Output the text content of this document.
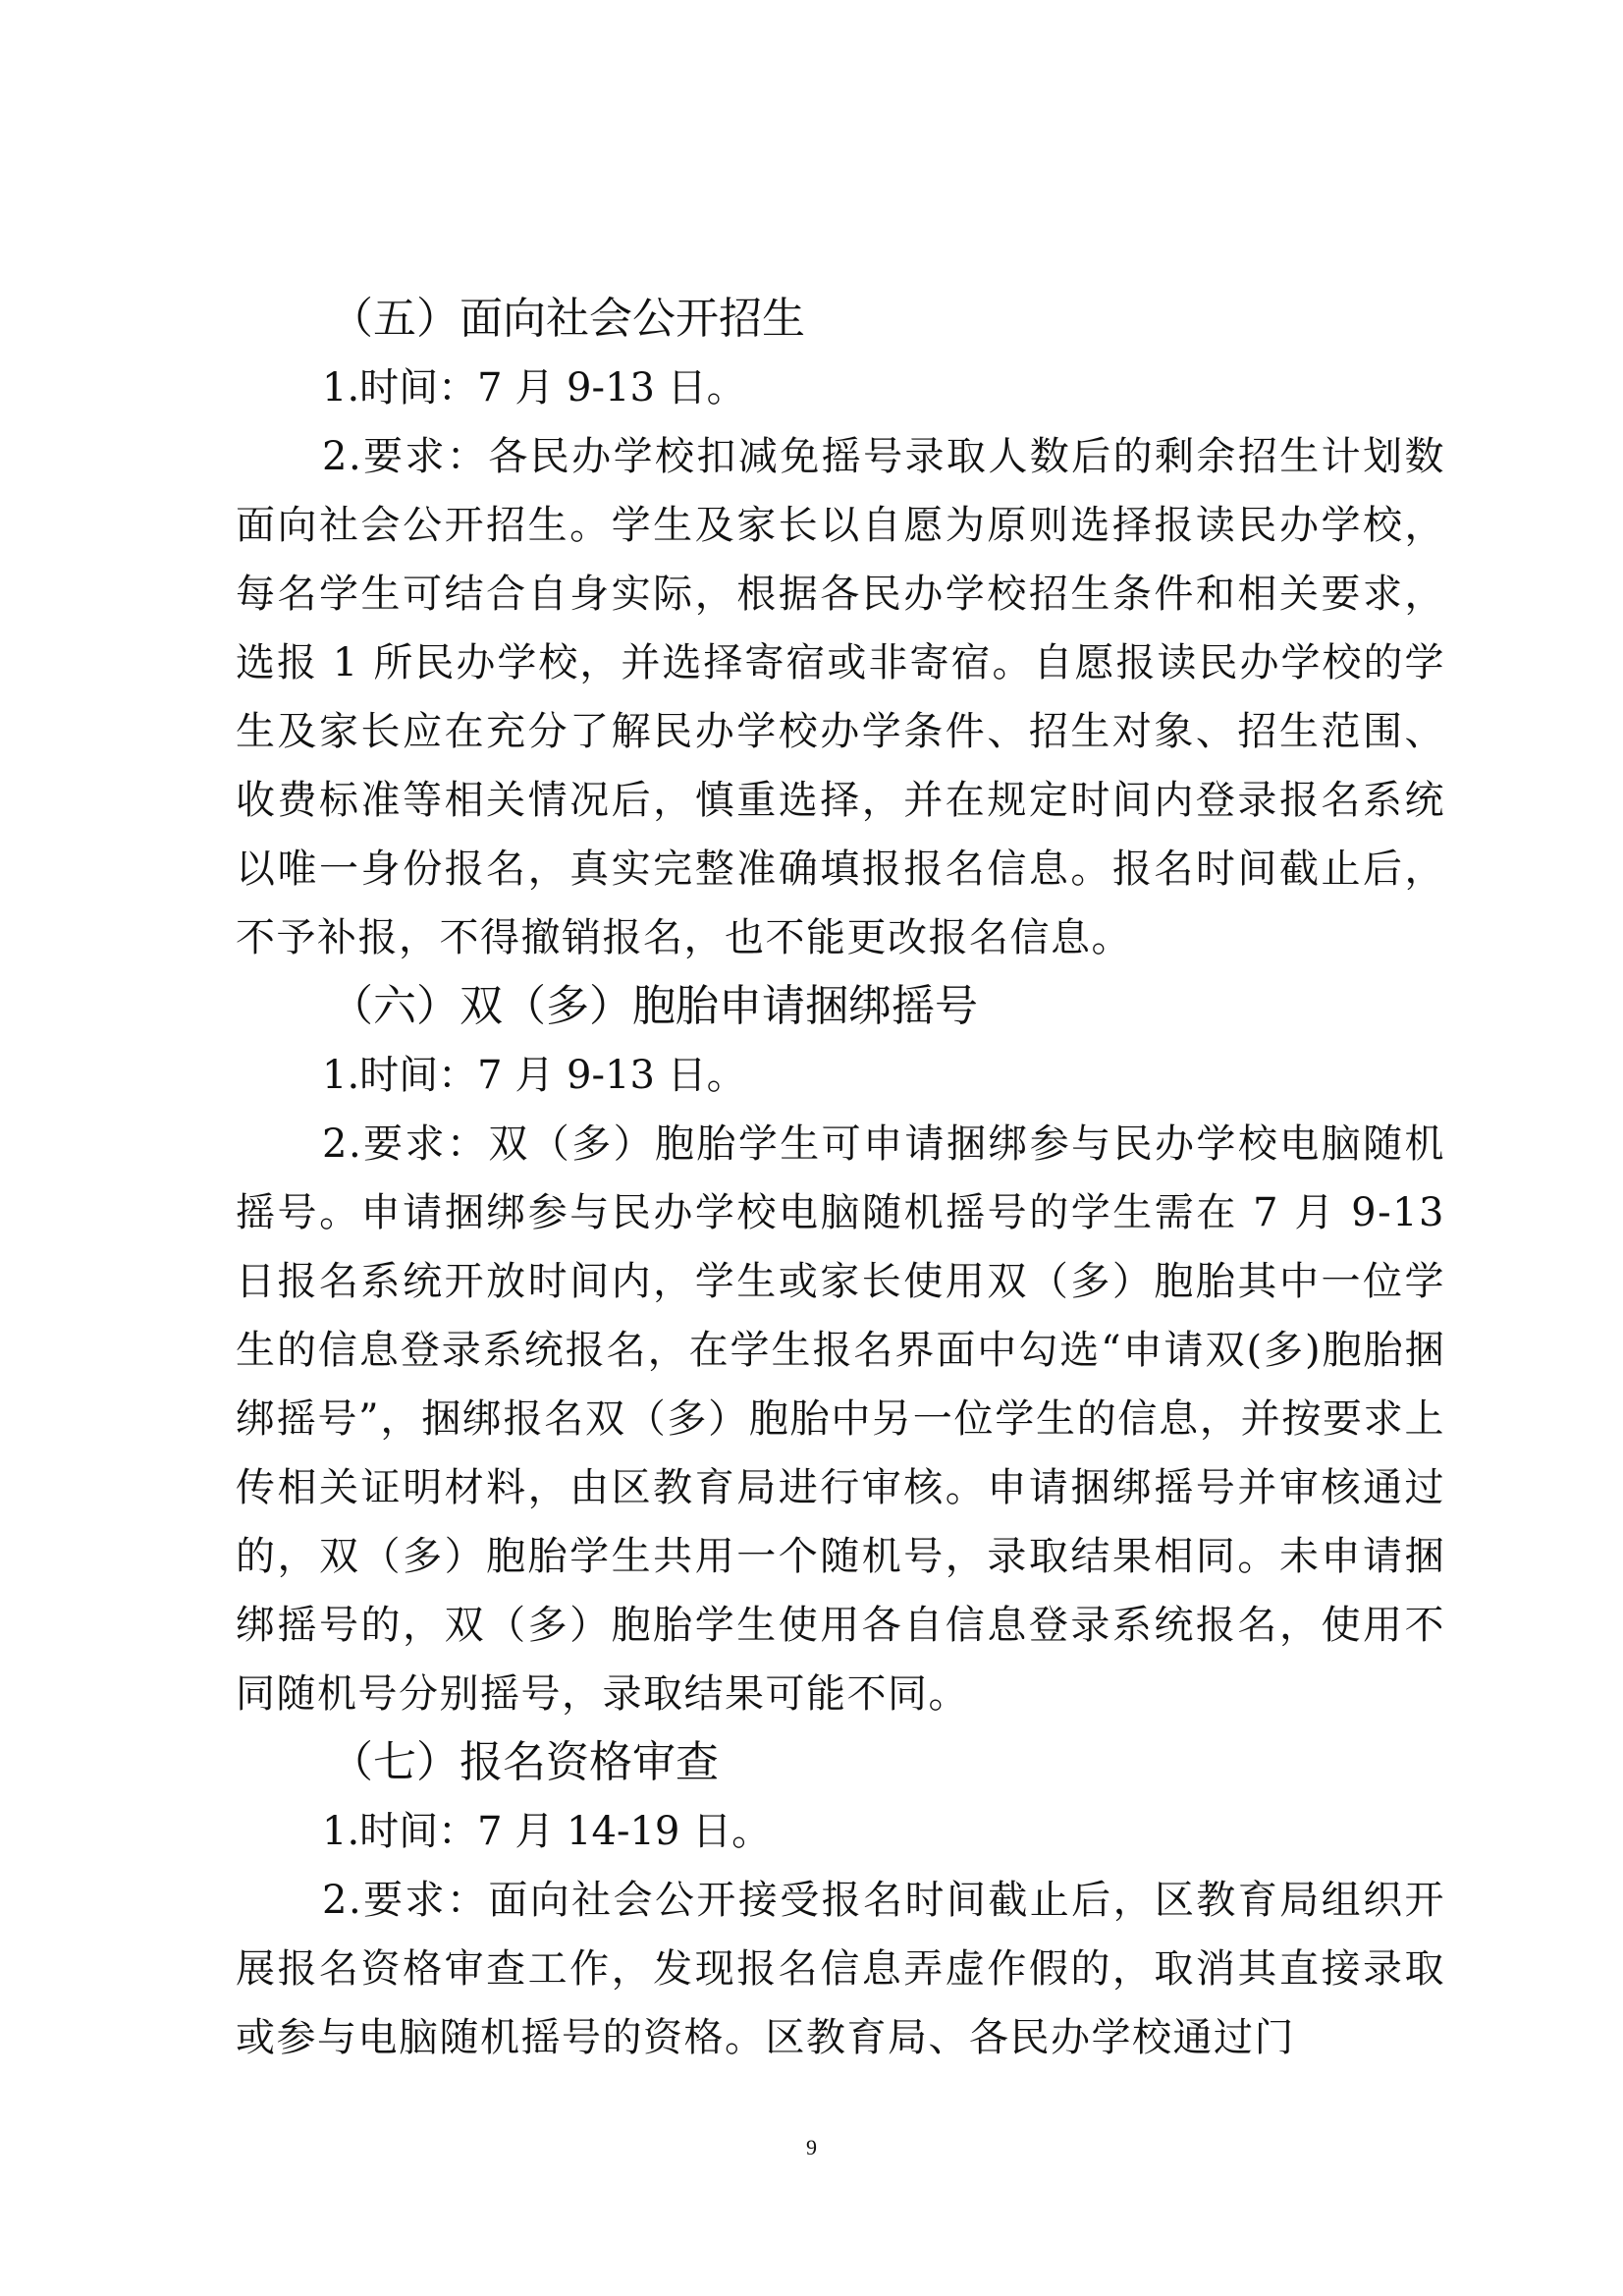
（五）面向社会公开招生
1.时间：7 月 9-13 日。
2.要求：各民办学校扣减免摇号录取人数后的剩余招生计划数面向社会公开招生。学生及家长以自愿为原则选择报读民办学校，每名学生可结合自身实际，根据各民办学校招生条件和相关要求，选报 1 所民办学校，并选择寄宿或非寄宿。自愿报读民办学校的学生及家长应在充分了解民办学校办学条件、招生对象、招生范围、收费标准等相关情况后，慎重选择，并在规定时间内登录报名系统以唯一身份报名，真实完整准确填报报名信息。报名时间截止后，不予补报，不得撤销报名，也不能更改报名信息。
（六）双（多）胞胎申请捆绑摇号
1.时间：7 月 9-13 日。
2.要求：双（多）胞胎学生可申请捆绑参与民办学校电脑随机摇号。申请捆绑参与民办学校电脑随机摇号的学生需在 7 月 9-13 日报名系统开放时间内，学生或家长使用双（多）胞胎其中一位学生的信息登录系统报名，在学生报名界面中勾选“申请双(多)胞胎捆绑摇号”，捆绑报名双（多）胞胎中另一位学生的信息，并按要求上传相关证明材料，由区教育局进行审核。申请捆绑摇号并审核通过的，双（多）胞胎学生共用一个随机号，录取结果相同。未申请捆绑摇号的，双（多）胞胎学生使用各自信息登录系统报名，使用不同随机号分别摇号，录取结果可能不同。
（七）报名资格审查
1.时间：7 月 14-19 日。
2.要求：面向社会公开接受报名时间截止后，区教育局组织开展报名资格审查工作，发现报名信息弄虚作假的，取消其直接录取或参与电脑随机摇号的资格。区教育局、各民办学校通过门
9
